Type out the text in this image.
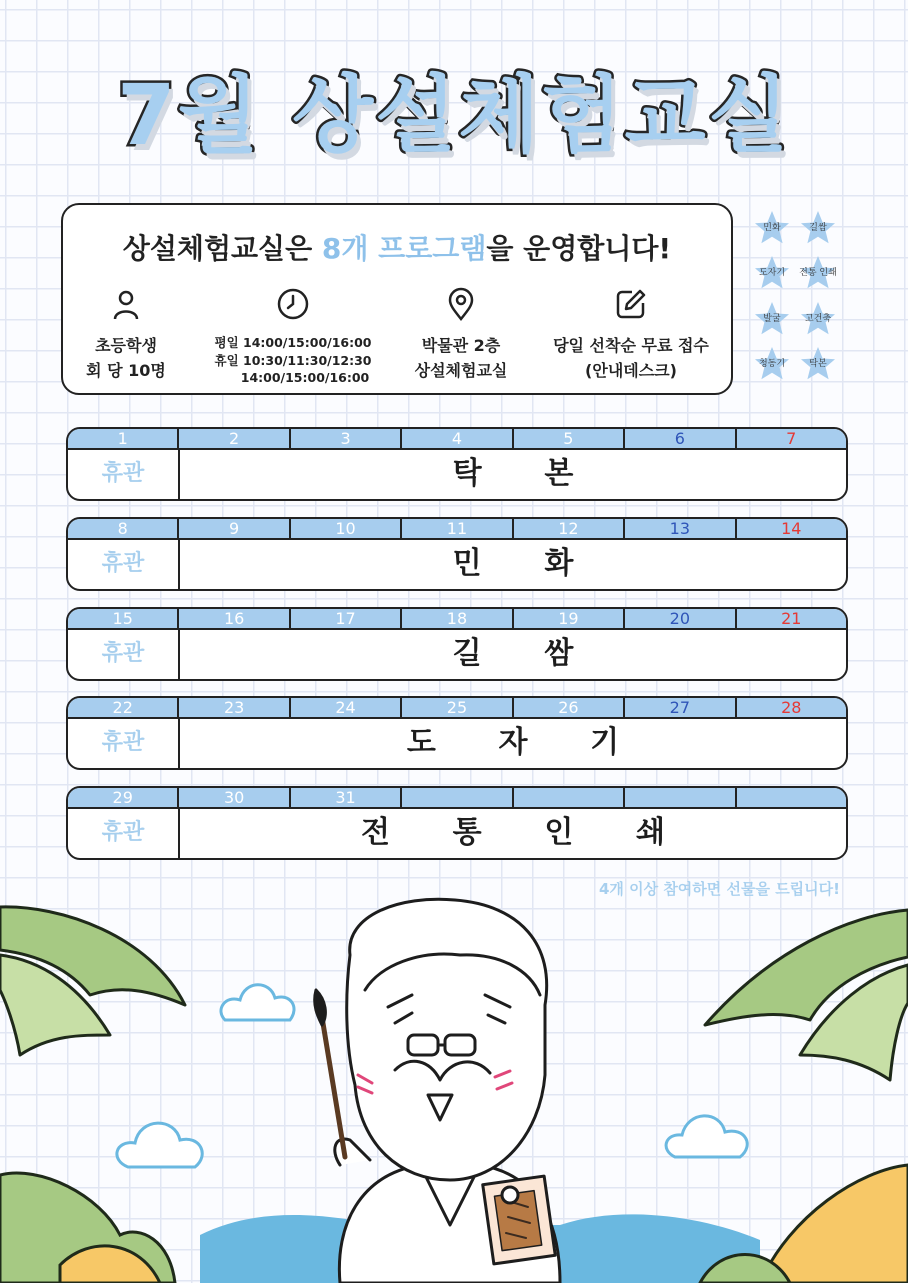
7월 상설체험교실
상설체험교실은 8개 프로그램을 운영합니다!
초등학생
회 당 10명
평일 14:00/15:00/16:00
휴일 10:30/11:30/12:30
14:00/15:00/16:00
박물관 2층
상설체험교실
당일 선착순 무료 접수
(안내데스크)
민화	길쌈
도자기	전통 인쇄
발굴	고건축
청동기	탁본
1	2	3	4	5	6	7
휴관	탁      본
8	9	10	11	12	13	14
휴관	민      화
15	16	17	18	19	20	21
휴관	길      쌈
22	23	24	25	26	27	28
휴관	도      자      기
29	30	31
휴관	전      통      인      쇄
4개 이상 참여하면 선물을 드립니다!
